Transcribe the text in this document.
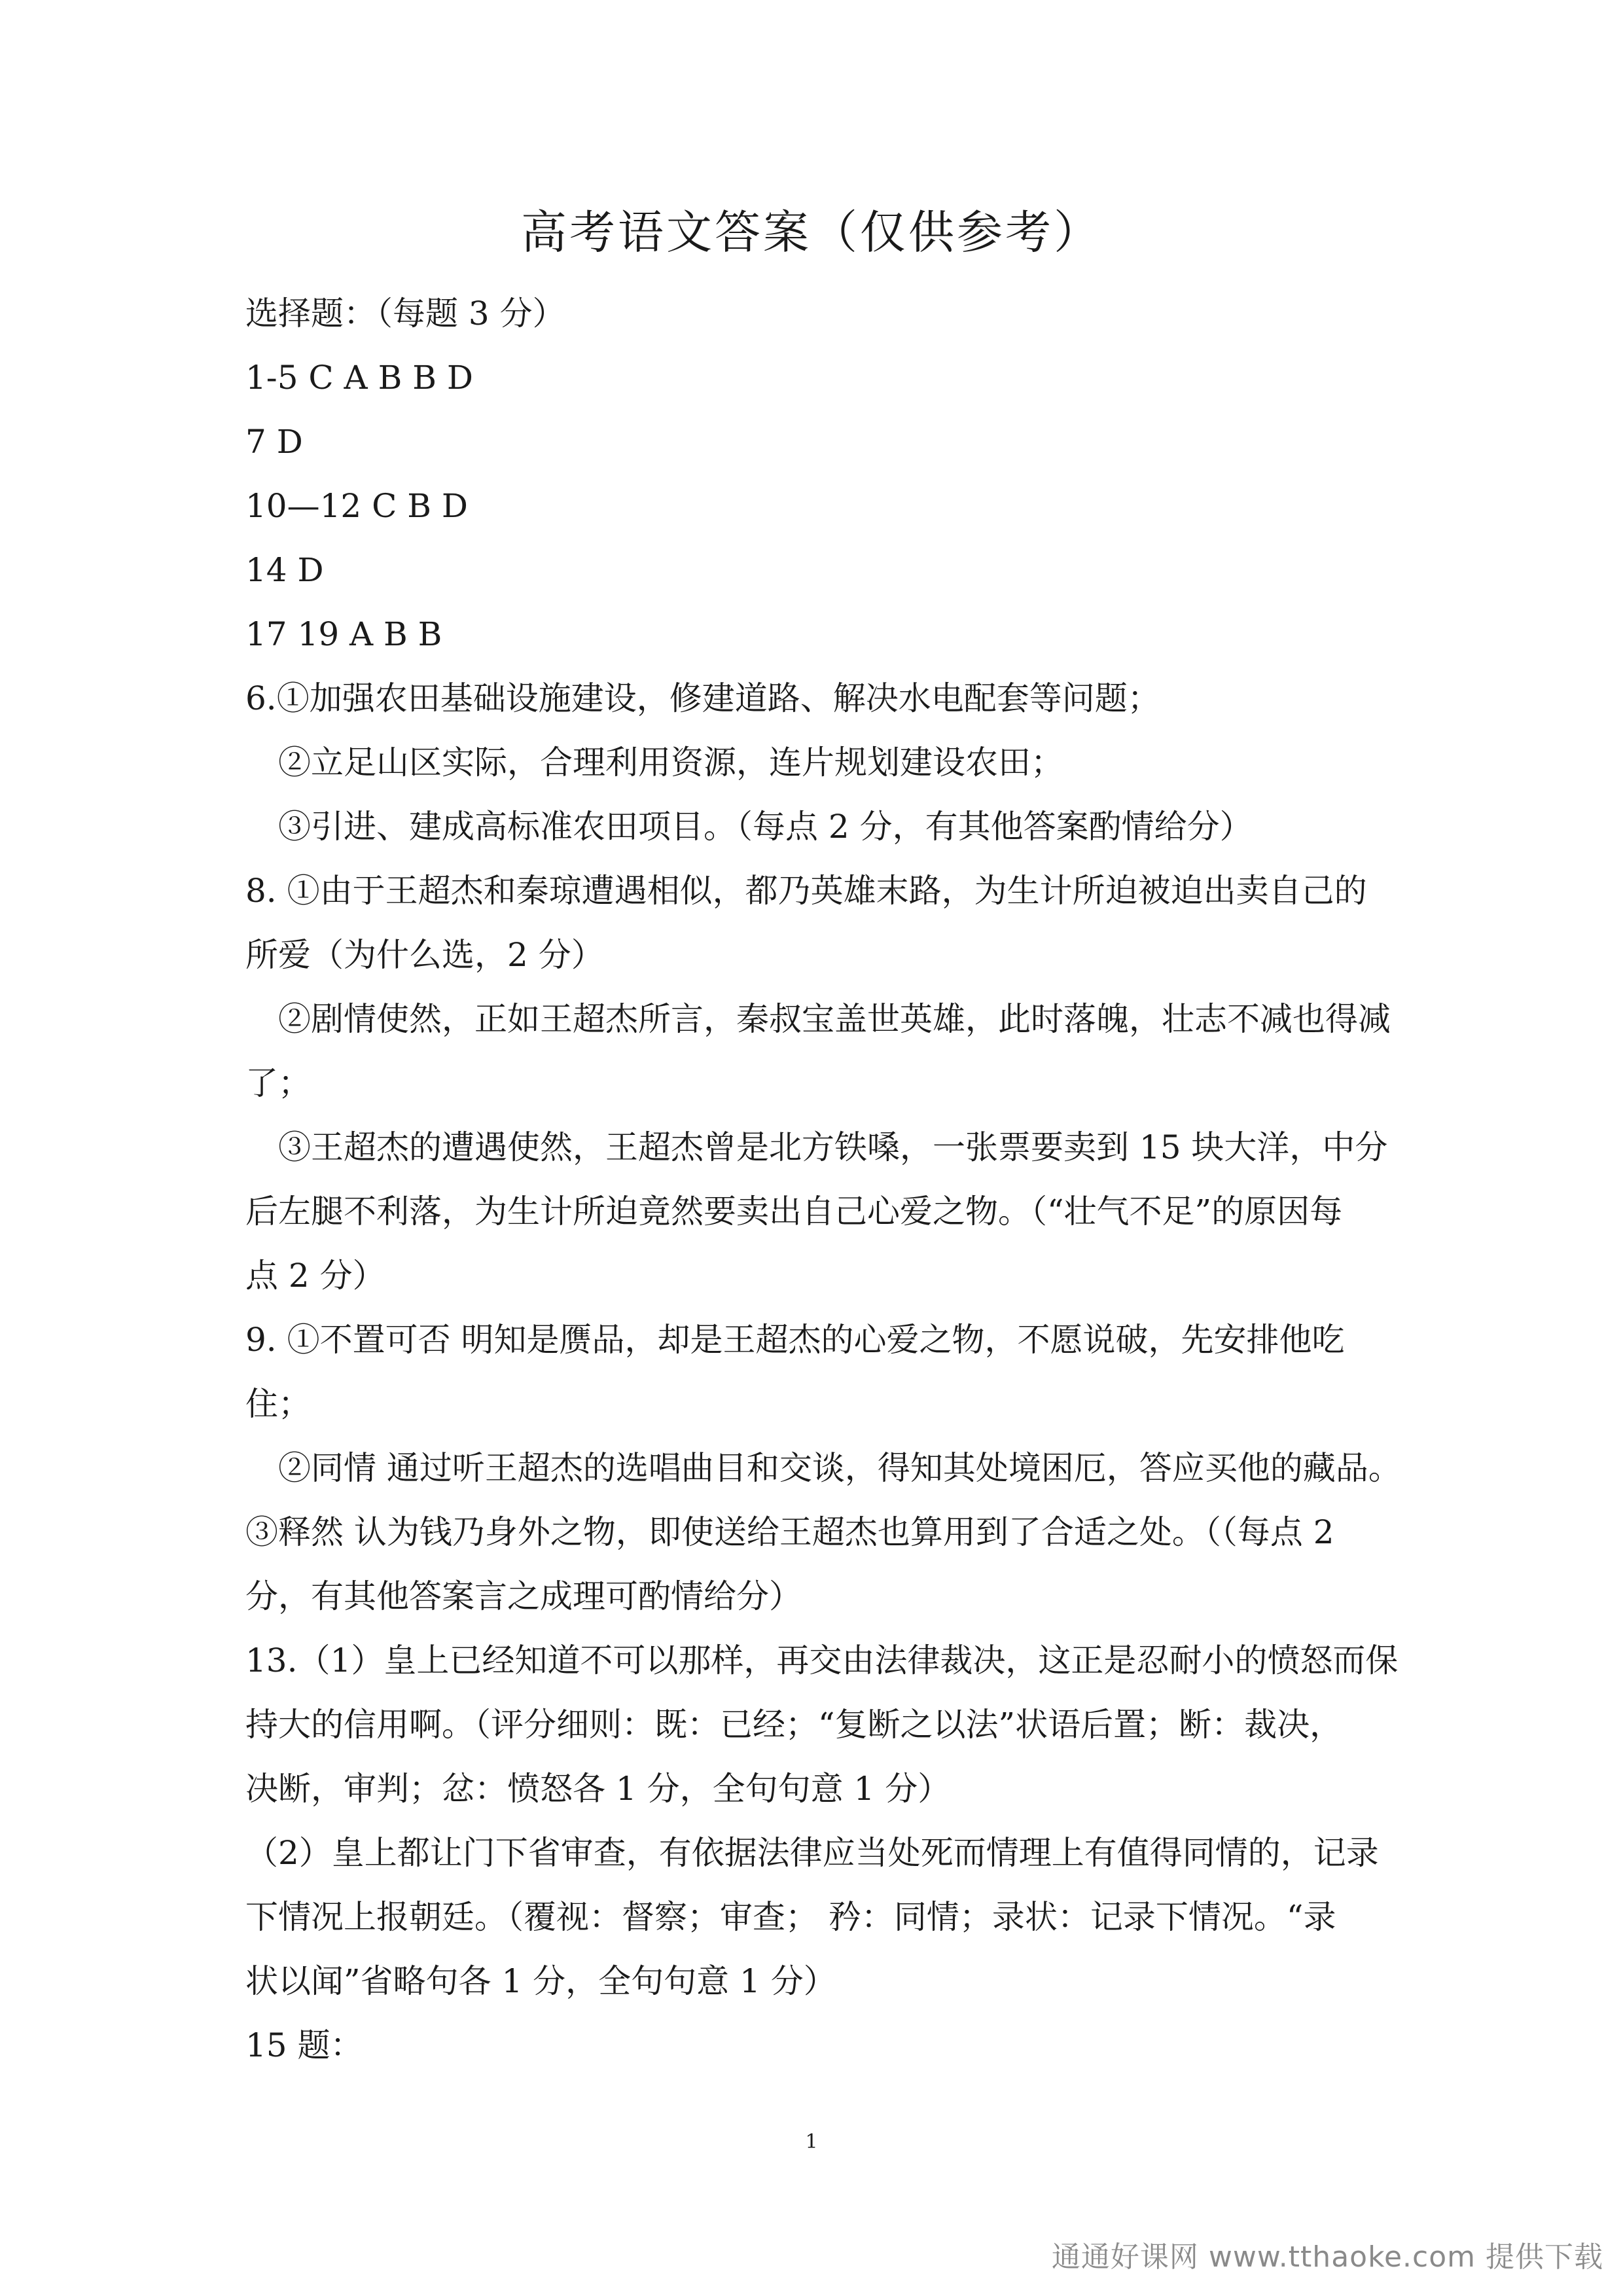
高考语文答案（仅供参考）
选择题：（每题 3 分）
1-5 C A B B D
7 D
10—12 C B D
14 D
17 19 A B B
6.①加强农田基础设施建设，修建道路、解决水电配套等问题；
②立足山区实际，合理利用资源，连片规划建设农田；
③引进、建成高标准农田项目。（每点 2 分，有其他答案酌情给分）
8. ①由于王超杰和秦琼遭遇相似，都乃英雄末路，为生计所迫被迫出卖自己的
所爱（为什么选，2 分）
②剧情使然，正如王超杰所言，秦叔宝盖世英雄，此时落魄，壮志不减也得减
了；
③王超杰的遭遇使然，王超杰曾是北方铁嗓，一张票要卖到 15 块大洋，中分
后左腿不利落，为生计所迫竟然要卖出自己心爱之物。（“壮气不足”的原因每
点 2 分）
9. ①不置可否 明知是赝品，却是王超杰的心爱之物，不愿说破，先安排他吃
住；
②同情 通过听王超杰的选唱曲目和交谈，得知其处境困厄，答应买他的藏品。
③释然 认为钱乃身外之物，即使送给王超杰也算用到了合适之处。（（每点 2
分，有其他答案言之成理可酌情给分）
13.（1）皇上已经知道不可以那样，再交由法律裁决，这正是忍耐小的愤怒而保
持大的信用啊。（评分细则：既：已经；“复断之以法”状语后置；断：裁决，
决断，审判；忿：愤怒各 1 分，全句句意 1 分）
（2）皇上都让门下省审查，有依据法律应当处死而情理上有值得同情的，记录
下情况上报朝廷。（覆视：督察；审查； 矜：同情；录状：记录下情况。“录
状以闻”省略句各 1 分，全句句意 1 分）
15 题：
1
通通好课网 www.tthaoke.com 提供下载
